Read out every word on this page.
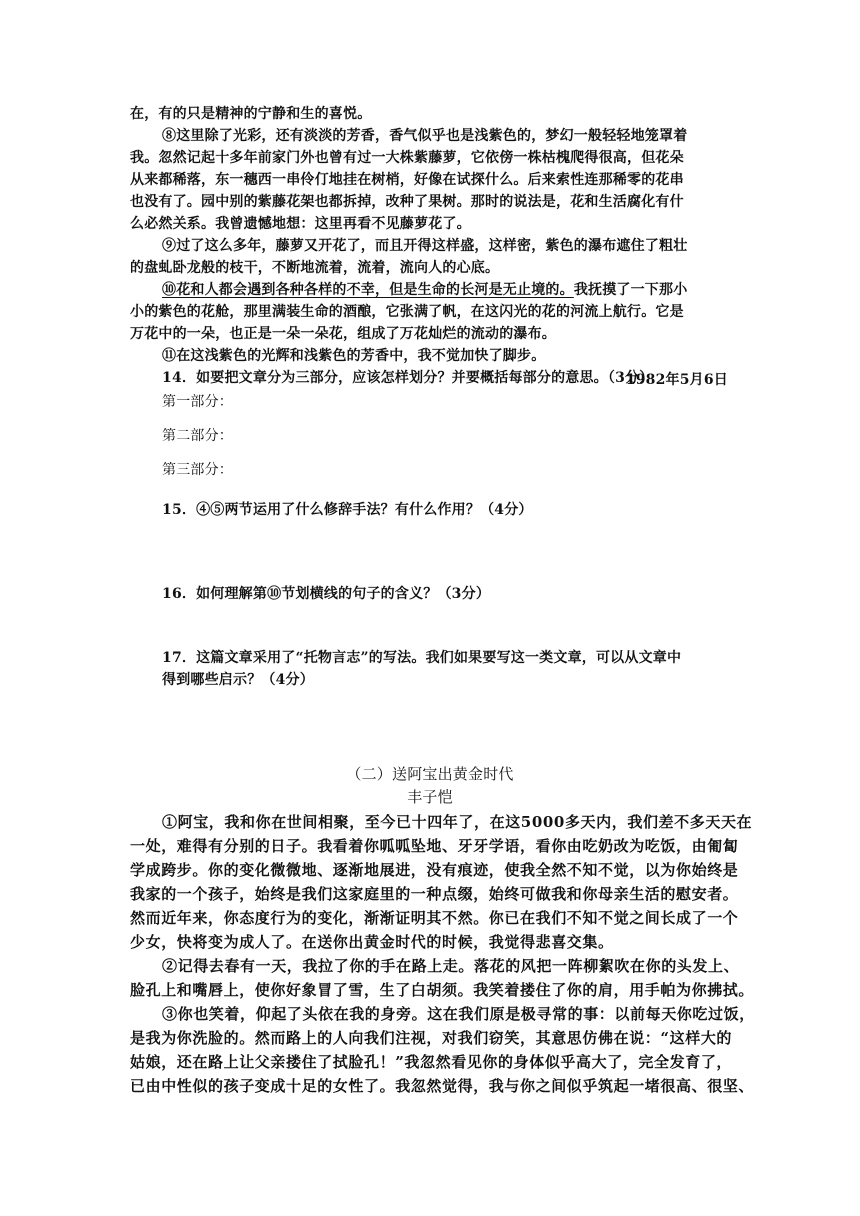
在，有的只是精神的宁静和生的喜悦。
⑧这里除了光彩，还有淡淡的芳香，香气似乎也是浅紫色的，梦幻一般轻轻地笼罩着
我。忽然记起十多年前家门外也曾有过一大株紫藤萝，它依傍一株枯槐爬得很高，但花朵
从来都稀落，东一穗西一串伶仃地挂在树梢，好像在试探什么。后来索性连那稀零的花串
也没有了。园中别的紫藤花架也都拆掉，改种了果树。那时的说法是，花和生活腐化有什
么必然关系。我曾遗憾地想：这里再看不见藤萝花了。
⑨过了这么多年，藤萝又开花了，而且开得这样盛，这样密，紫色的瀑布遮住了粗壮
的盘虬卧龙般的枝干，不断地流着，流着，流向人的心底。
⑩花和人都会遇到各种各样的不幸，但是生命的长河是无止境的。我抚摸了一下那小
小的紫色的花舱，那里满装生命的酒酿，它张满了帆，在这闪光的花的河流上航行。它是
万花中的一朵，也正是一朵一朵花，组成了万花灿烂的流动的瀑布。
⑪在这浅紫色的光辉和浅紫色的芳香中，我不觉加快了脚步。
1982年5月6日
14．如要把文章分为三部分，应该怎样划分？并要概括每部分的意思。（3分）
第一部分：
第二部分：
第三部分：
15．④⑤两节运用了什么修辞手法？有什么作用？（4分）
16．如何理解第⑩节划横线的句子的含义？（3分）
17．这篇文章采用了“托物言志”的写法。我们如果要写这一类文章，可以从文章中
得到哪些启示？（4分）
（二）送阿宝出黄金时代
丰子恺
①阿宝，我和你在世间相聚，至今已十四年了，在这5000多天内，我们差不多天天在
一处，难得有分别的日子。我看着你呱呱坠地、牙牙学语，看你由吃奶改为吃饭，由匍匐
学成跨步。你的变化微微地、逐渐地展进，没有痕迹，使我全然不知不觉，以为你始终是
我家的一个孩子，始终是我们这家庭里的一种点缀，始终可做我和你母亲生活的慰安者。
然而近年来，你态度行为的变化，渐渐证明其不然。你已在我们不知不觉之间长成了一个
少女，快将变为成人了。在送你出黄金时代的时候，我觉得悲喜交集。
②记得去春有一天，我拉了你的手在路上走。落花的风把一阵柳絮吹在你的头发上、
脸孔上和嘴唇上，使你好象冒了雪，生了白胡须。我笑着搂住了你的肩，用手帕为你拂拭。
③你也笑着，仰起了头依在我的身旁。这在我们原是极寻常的事：以前每天你吃过饭，
是我为你洗脸的。然而路上的人向我们注视，对我们窃笑，其意思仿佛在说：“这样大的
姑娘，还在路上让父亲搂住了拭脸孔！”我忽然看见你的身体似乎高大了，完全发育了，
已由中性似的孩子变成十足的女性了。我忽然觉得，我与你之间似乎筑起一堵很高、很坚、
